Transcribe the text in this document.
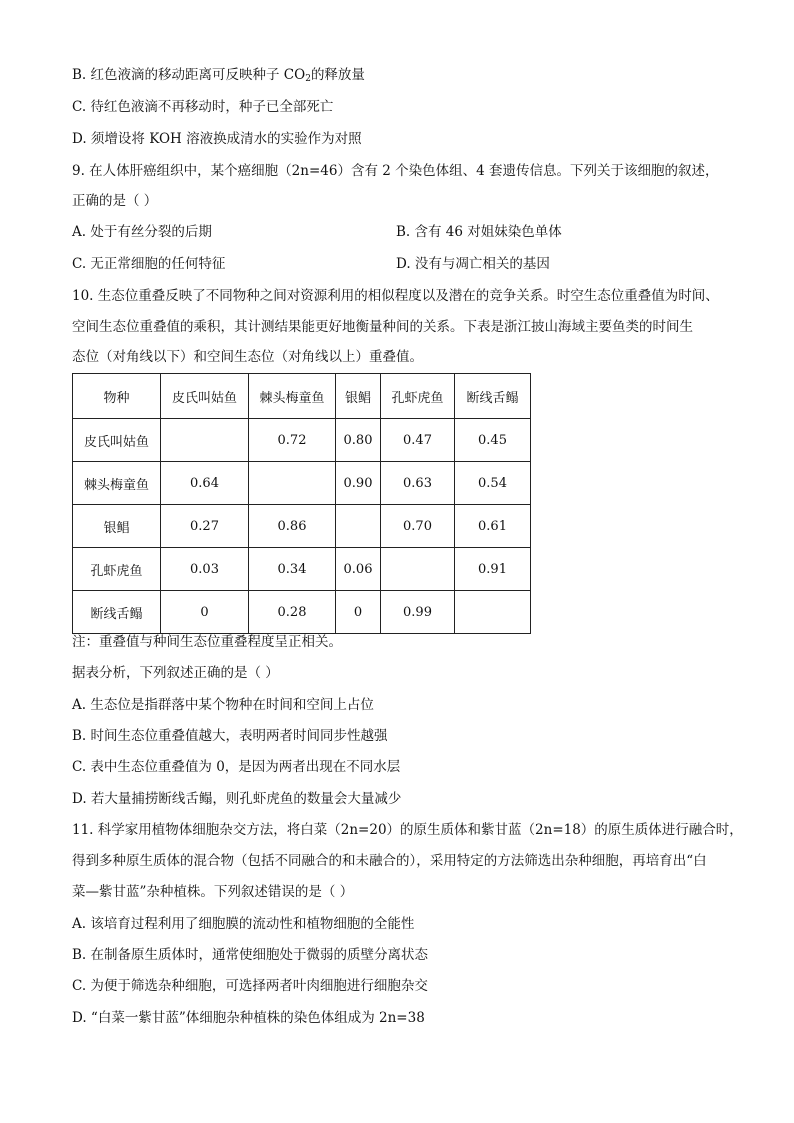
B. 红色液滴的移动距离可反映种子 $CO_2$的释放量
C. 待红色液滴不再移动时，种子已全部死亡
D. 须增设将 KOH 溶液换成清水的实验作为对照
9. 在人体肝癌组织中，某个癌细胞（2n=46）含有 2 个染色体组、4 套遗传信息。下列关于该细胞的叙述，
正确的是（ ）
A. 处于有丝分裂的后期	B. 含有 46 对姐妹染色单体
C. 无正常细胞的任何特征	D. 没有与凋亡相关的基因
10. 生态位重叠反映了不同物种之间对资源利用的相似程度以及潜在的竞争关系。时空生态位重叠值为时间、
空间生态位重叠值的乘积，其计测结果能更好地衡量种间的关系。下表是浙江披山海域主要鱼类的时间生
态位（对角线以下）和空间生态位（对角线以上）重叠值。
物种	皮氏叫姑鱼	棘头梅童鱼	银鲳	孔虾虎鱼	断线舌鳎
皮氏叫姑鱼		0.72	0.80	0.47	0.45
棘头梅童鱼	0.64		0.90	0.63	0.54
银鲳	0.27	0.86		0.70	0.61
孔虾虎鱼	0.03	0.34	0.06		0.91
断线舌鳎	0	0.28	0	0.99	
注：重叠值与种间生态位重叠程度呈正相关。
据表分析，下列叙述正确的是（ ）
A. 生态位是指群落中某个物种在时间和空间上占位
B. 时间生态位重叠值越大，表明两者时间同步性越强
C. 表中生态位重叠值为 0，是因为两者出现在不同水层
D. 若大量捕捞断线舌鳎，则孔虾虎鱼的数量会大量减少
11. 科学家用植物体细胞杂交方法，将白菜（2n=20）的原生质体和紫甘蓝（2n=18）的原生质体进行融合时，
得到多种原生质体的混合物（包括不同融合的和未融合的），采用特定的方法筛选出杂种细胞，再培育出“白
菜—紫甘蓝”杂种植株。下列叙述错误的是（ ）
A. 该培育过程利用了细胞膜的流动性和植物细胞的全能性
B. 在制备原生质体时，通常使细胞处于微弱的质壁分离状态
C. 为便于筛选杂种细胞，可选择两者叶肉细胞进行细胞杂交
D. “白菜一紫甘蓝”体细胞杂种植株的染色体组成为 2n=38
